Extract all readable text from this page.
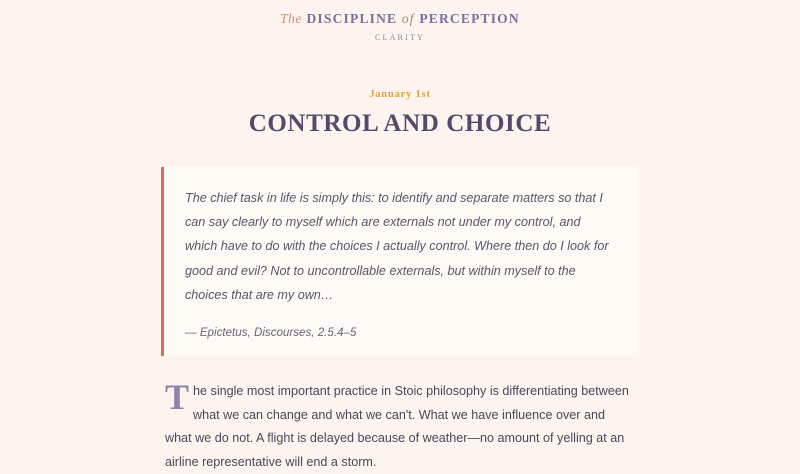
The DISCIPLINE of PERCEPTION
CLARITY
January 1st
CONTROL AND CHOICE
The chief task in life is simply this: to identify and separate matters so that I can say clearly to myself which are externals not under my control, and which have to do with the choices I actually control. Where then do I look for good and evil? Not to uncontrollable externals, but within myself to the choices that are my own…
— Epictetus, Discourses, 2.5.4–5

The single most important practice in Stoic philosophy is differentiating between what we can change and what we can't. What we have influence over and what we do not. A flight is delayed because of weather—no amount of yelling at an airline representative will end a storm.
